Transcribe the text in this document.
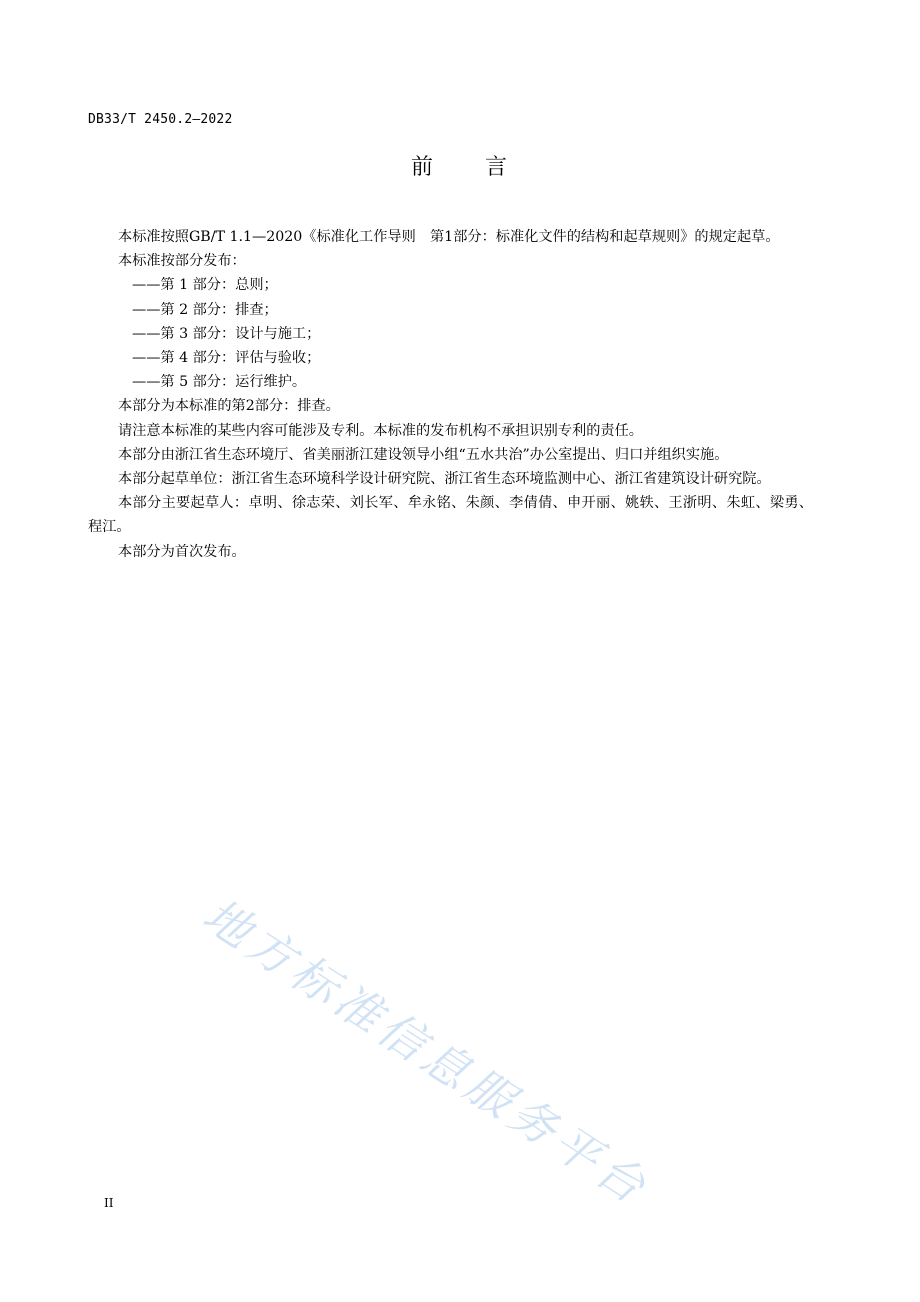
DB33/T 2450.2—2022
前 言

本标准按照GB/T 1.1—2020《标准化工作导则　第1部分：标准化文件的结构和起草规则》的规定起草。

本标准按部分发布：

——第 1 部分：总则；

——第 2 部分：排查；

——第 3 部分：设计与施工；

——第 4 部分：评估与验收；

——第 5 部分：运行维护。

本部分为本标准的第2部分：排查。

请注意本标准的某些内容可能涉及专利。本标准的发布机构不承担识别专利的责任。

本部分由浙江省生态环境厅、省美丽浙江建设领导小组“五水共治”办公室提出、归口并组织实施。

本部分起草单位：浙江省生态环境科学设计研究院、浙江省生态环境监测中心、浙江省建筑设计研究院。

本部分主要起草人：卓明、徐志荣、刘长军、牟永铭、朱颜、李倩倩、申开丽、姚轶、王浙明、朱虹、梁勇、程江。

本部分为首次发布。

地方标准信息服务平台
II
